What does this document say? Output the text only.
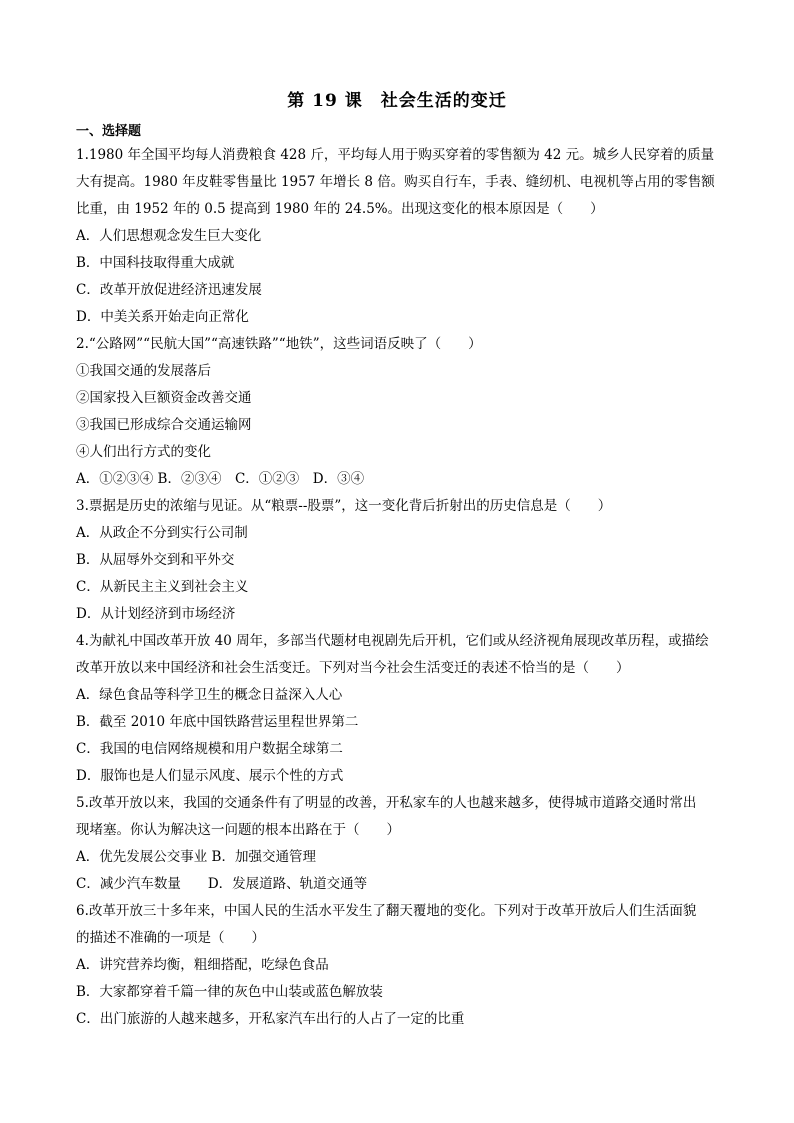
第 19 课　社会生活的变迁
一、选择题
1.1980 年全国平均每人消费粮食 428 斤，平均每人用于购买穿着的零售额为 42 元。城乡人民穿着的质量
大有提高。1980 年皮鞋零售量比 1957 年增长 8 倍。购买自行车，手表、缝纫机、电视机等占用的零售额
比重，由 1952 年的 0.5 提高到 1980 年的 24.5%。出现这变化的根本原因是（　　）
A．人们思想观念发生巨大变化
B．中国科技取得重大成就
C．改革开放促进经济迅速发展
D．中美关系开始走向正常化
2.“公路网”“民航大国”“高速铁路”“地铁”，这些词语反映了（　　）
①我国交通的发展落后
②国家投入巨额资金改善交通
③我国已形成综合交通运输网
④人们出行方式的变化
A．①②③④ B．②③④　C．①②③　D．③④
3.票据是历史的浓缩与见证。从“粮票--股票”，这一变化背后折射出的历史信息是（　　）
A．从政企不分到实行公司制
B．从屈辱外交到和平外交
C．从新民主主义到社会主义
D．从计划经济到市场经济
4.为献礼中国改革开放 40 周年，多部当代题材电视剧先后开机，它们或从经济视角展现改革历程，或描绘
改革开放以来中国经济和社会生活变迁。下列对当今社会生活变迁的表述不恰当的是（　　）
A．绿色食品等科学卫生的概念日益深入人心
B．截至 2010 年底中国铁路营运里程世界第二
C．我国的电信网络规模和用户数据全球第二
D．服饰也是人们显示风度、展示个性的方式
5.改革开放以来，我国的交通条件有了明显的改善，开私家车的人也越来越多，使得城市道路交通时常出
现堵塞。你认为解决这一问题的根本出路在于（　　）
A．优先发展公交事业 B．加强交通管理
C．减少汽车数量　　D．发展道路、轨道交通等
6.改革开放三十多年来，中国人民的生活水平发生了翻天覆地的变化。下列对于改革开放后人们生活面貌
的描述不准确的一项是（　　）
A．讲究营养均衡，粗细搭配，吃绿色食品
B．大家都穿着千篇一律的灰色中山装或蓝色解放装
C．出门旅游的人越来越多，开私家汽车出行的人占了一定的比重
